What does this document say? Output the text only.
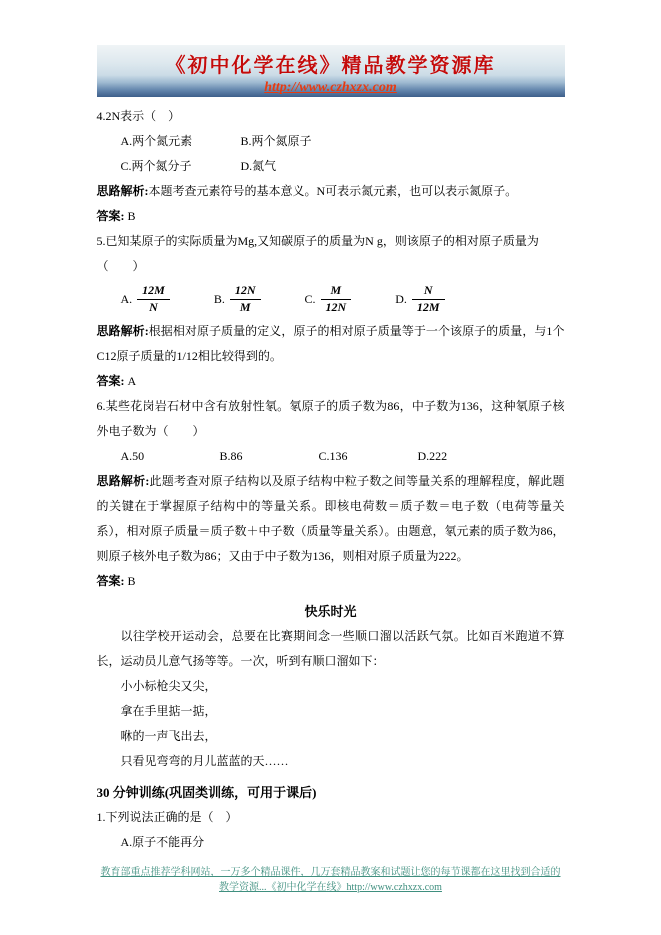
《初中化学在线》精品教学资源库
http://www.czhxzx.com

4.2N表示（　）

A.两个氮元素	B.两个氮原子

C.两个氮分子	D.氮气

思路解析:本题考查元素符号的基本意义。N可表示氮元素，也可以表示氮原子。

答案: B

5.已知某原子的实际质量为Mg,又知碳原子的质量为N g，则该原子的相对原子质量为

（　　）

A. $\frac{12M}{N}$	B. $\frac{12N}{M}$	C. $\frac{M}{12N}$	D. $\frac{N}{12M}$

思路解析:根据相对原子质量的定义，原子的相对原子质量等于一个该原子的质量，与1个C12原子质量的1/12相比较得到的。

答案: A

6.某些花岗岩石材中含有放射性氡。氡原子的质子数为86，中子数为136，这种氡原子核外电子数为（　　）

A.50	B.86	C.136	D.222

思路解析:此题考查对原子结构以及原子结构中粒子数之间等量关系的理解程度，解此题的关键在于掌握原子结构中的等量关系。即核电荷数＝质子数＝电子数（电荷等量关系），相对原子质量＝质子数＋中子数（质量等量关系）。由题意，氡元素的质子数为86，则原子核外电子数为86；又由于中子数为136，则相对原子质量为222。

答案: B

快乐时光

以往学校开运动会，总要在比赛期间念一些顺口溜以活跃气氛。比如百米跑道不算长，运动员儿意气扬等等。一次，听到有顺口溜如下：

小小标枪尖又尖，

拿在手里掂一掂，

咻的一声飞出去，

只看见弯弯的月儿蓝蓝的天……

30 分钟训练(巩固类训练，可用于课后)

1.下列说法正确的是（　）

A.原子不能再分

教育部重点推荐学科网站，一万多个精品课件，几万套精品教案和试题让您的每节课都在这里找到合适的
教学资源...《初中化学在线》http://www.czhxzx.com
